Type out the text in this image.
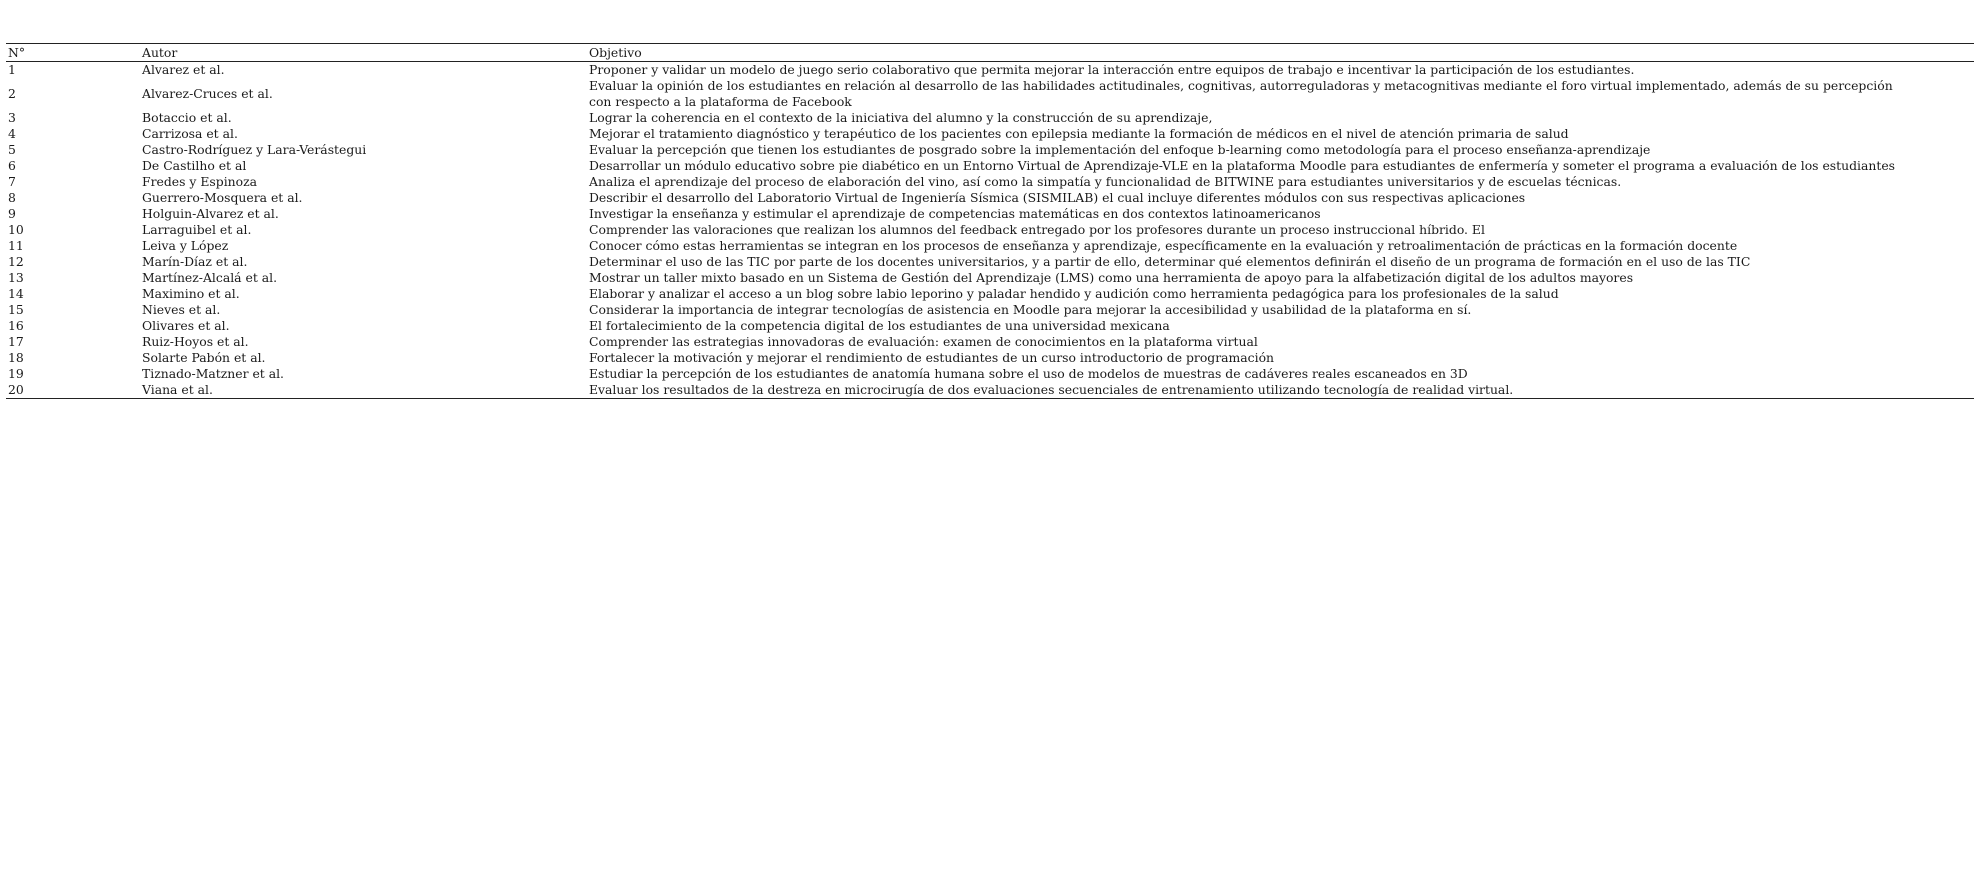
N°	Autor	Objetivo
1	Alvarez et al.	Proponer y validar un modelo de juego serio colaborativo que permita mejorar la interacción entre equipos de trabajo e incentivar la participación de los estudiantes.
2	Alvarez-Cruces et al.	Evaluar la opinión de los estudiantes en relación al desarrollo de las habilidades actitudinales, cognitivas, autorreguladoras y metacognitivas mediante el foro virtual implementado, además de su percepción con respecto a la plataforma de Facebook
3	Botaccio et al.	Lograr la coherencia en el contexto de la iniciativa del alumno y la construcción de su aprendizaje,
4	Carrizosa et al.	Mejorar el tratamiento diagnóstico y terapéutico de los pacientes con epilepsia mediante la formación de médicos en el nivel de atención primaria de salud
5	Castro-Rodríguez y Lara-Verástegui	Evaluar la percepción que tienen los estudiantes de posgrado sobre la implementación del enfoque b-learning como metodología para el proceso enseñanza-aprendizaje
6	De Castilho et al	Desarrollar un módulo educativo sobre pie diabético en un Entorno Virtual de Aprendizaje-VLE en la plataforma Moodle para estudiantes de enfermería y someter el programa a evaluación de los estudiantes
7	Fredes y Espinoza	Analiza el aprendizaje del proceso de elaboración del vino, así como la simpatía y funcionalidad de BITWINE para estudiantes universitarios y de escuelas técnicas.
8	Guerrero-Mosquera et al.	Describir el desarrollo del Laboratorio Virtual de Ingeniería Sísmica (SISMILAB) el cual incluye diferentes módulos con sus respectivas aplicaciones
9	Holguin-Alvarez et al.	Investigar la enseñanza y estimular el aprendizaje de competencias matemáticas en dos contextos latinoamericanos
10	Larraguibel et al.	Comprender las valoraciones que realizan los alumnos del feedback entregado por los profesores durante un proceso instruccional híbrido. El
11	Leiva y López	Conocer cómo estas herramientas se integran en los procesos de enseñanza y aprendizaje, específicamente en la evaluación y retroalimentación de prácticas en la formación docente
12	Marín-Díaz et al.	Determinar el uso de las TIC por parte de los docentes universitarios, y a partir de ello, determinar qué elementos definirán el diseño de un programa de formación en el uso de las TIC
13	Martínez-Alcalá et al.	Mostrar un taller mixto basado en un Sistema de Gestión del Aprendizaje (LMS) como una herramienta de apoyo para la alfabetización digital de los adultos mayores
14	Maximino et al.	Elaborar y analizar el acceso a un blog sobre labio leporino y paladar hendido y audición como herramienta pedagógica para los profesionales de la salud
15	Nieves et al.	Considerar la importancia de integrar tecnologías de asistencia en Moodle para mejorar la accesibilidad y usabilidad de la plataforma en sí.
16	Olivares et al.	El fortalecimiento de la competencia digital de los estudiantes de una universidad mexicana
17	Ruiz-Hoyos et al.	Comprender las estrategias innovadoras de evaluación: examen de conocimientos en la plataforma virtual
18	Solarte Pabón et al.	Fortalecer la motivación y mejorar el rendimiento de estudiantes de un curso introductorio de programación
19	Tiznado-Matzner et al.	Estudiar la percepción de los estudiantes de anatomía humana sobre el uso de modelos de muestras de cadáveres reales escaneados en 3D
20	Viana et al.	Evaluar los resultados de la destreza en microcirugía de dos evaluaciones secuenciales de entrenamiento utilizando tecnología de realidad virtual.
